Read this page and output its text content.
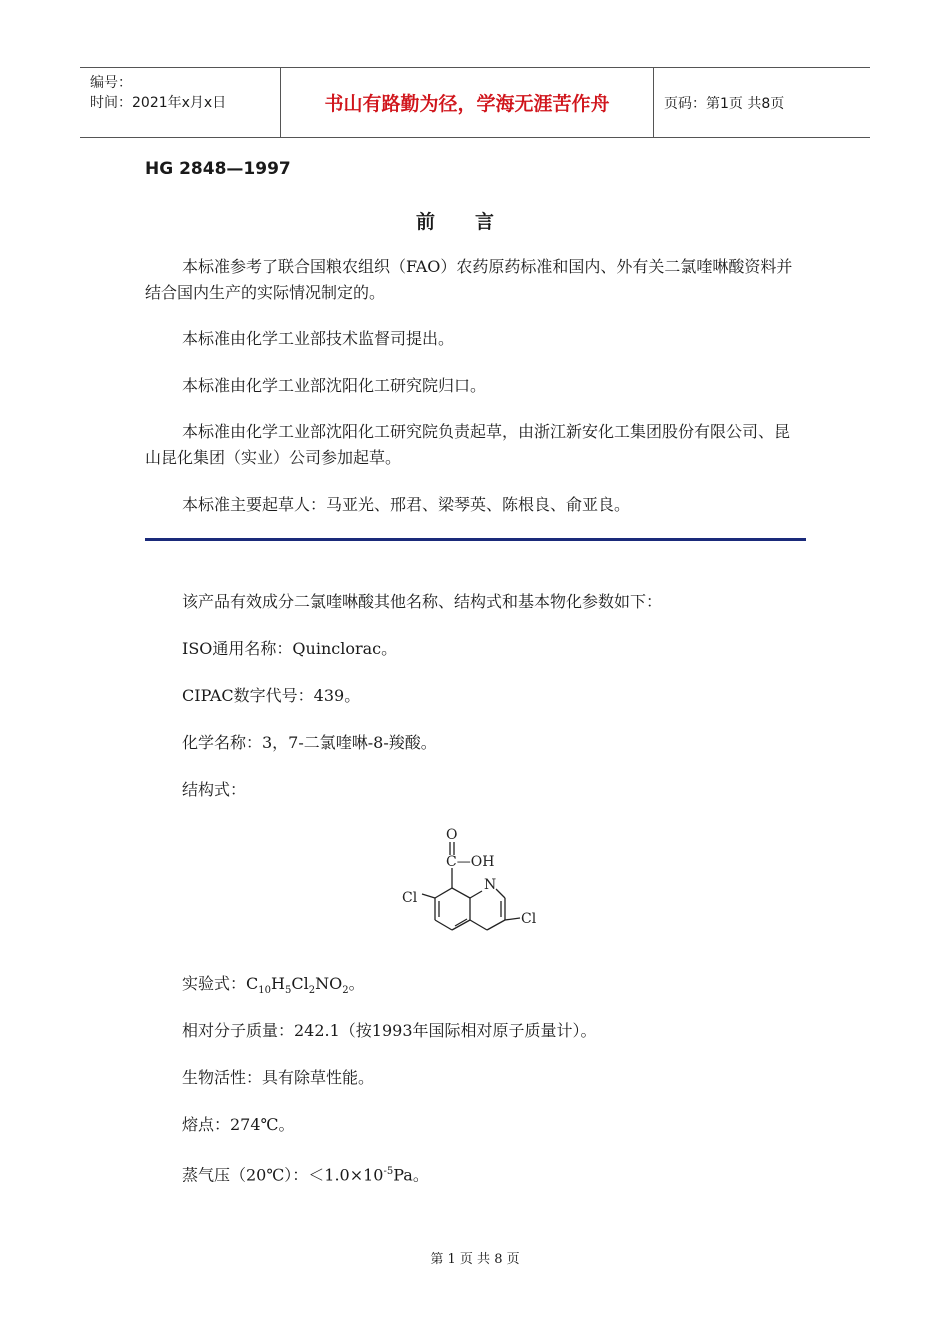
编号：
时间：2021年x月x日	书山有路勤为径，学海无涯苦作舟	页码：第1页 共8页
HG 2848—1997
前言
本标准参考了联合国粮农组织（FAO）农药原药标准和国内、外有关二氯喹啉酸资料并结合国内生产的实际情况制定的。
本标准由化学工业部技术监督司提出。
本标准由化学工业部沈阳化工研究院归口。
本标准由化学工业部沈阳化工研究院负责起草，由浙江新安化工集团股份有限公司、昆山昆化集团（实业）公司参加起草。
本标准主要起草人：马亚光、邢君、梁琴英、陈根良、俞亚良。
该产品有效成分二氯喹啉酸其他名称、结构式和基本物化参数如下：
ISO通用名称：Quinclorac。
CIPAC数字代号：439。
化学名称：3，7-二氯喹啉-8-羧酸。
结构式：
O
C—OH
N
Cl
Cl
实验式：$C_{10}H_5Cl_2NO_2$。
相对分子质量：242.1（按1993年国际相对原子质量计）。
生物活性：具有除草性能。
熔点：274℃。
蒸气压（20℃）：$<1.0\times 10^{-5}Pa$。
第 1 页 共 8 页
